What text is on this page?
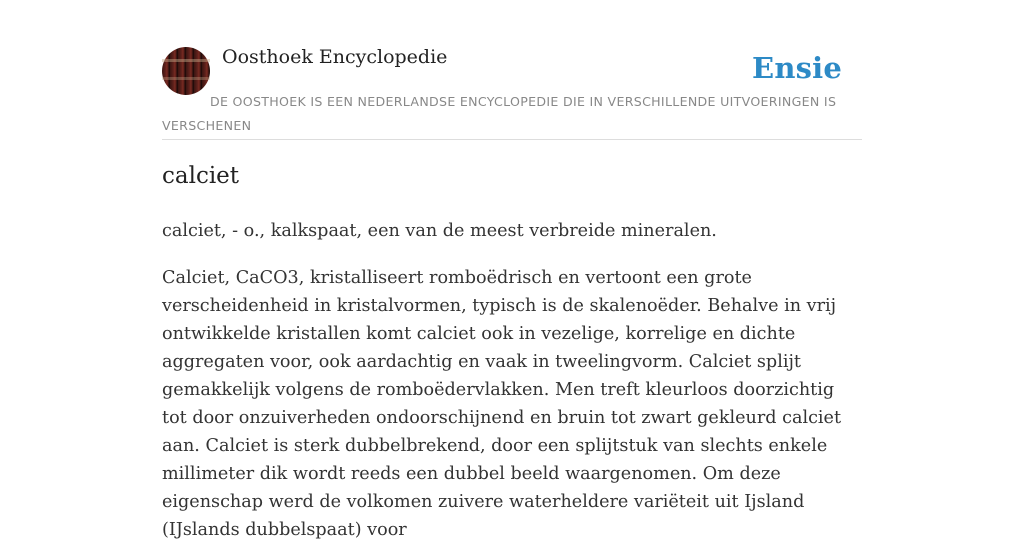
Oosthoek Encyclopedie	Ensie
DE OOSTHOEK IS EEN NEDERLANDSE ENCYCLOPEDIE DIE IN VERSCHILLENDE UITVOERINGEN IS VERSCHENEN
calciet

calciet, - o., kalkspaat, een van de meest verbreide mineralen.

Calciet, CaCO3, kristalliseert romboëdrisch en vertoont een grote verscheidenheid in kristalvormen, typisch is de skalenoëder. Behalve in vrij ontwikkelde kristallen komt calciet ook in vezelige, korrelige en dichte aggregaten voor, ook aardachtig en vaak in tweelingvorm. Calciet splijt gemakkelijk volgens de romboëdervlakken. Men treft kleurloos doorzichtig tot door onzuiverheden ondoorschijnend en bruin tot zwart gekleurd calciet aan. Calciet is sterk dubbelbrekend, door een splijtstuk van slechts enkele millimeter dik wordt reeds een dubbel beeld waargenomen. Om deze eigenschap werd de volkomen zuivere waterheldere variëteit uit Ijsland (IJslands dubbelspaat) voor
